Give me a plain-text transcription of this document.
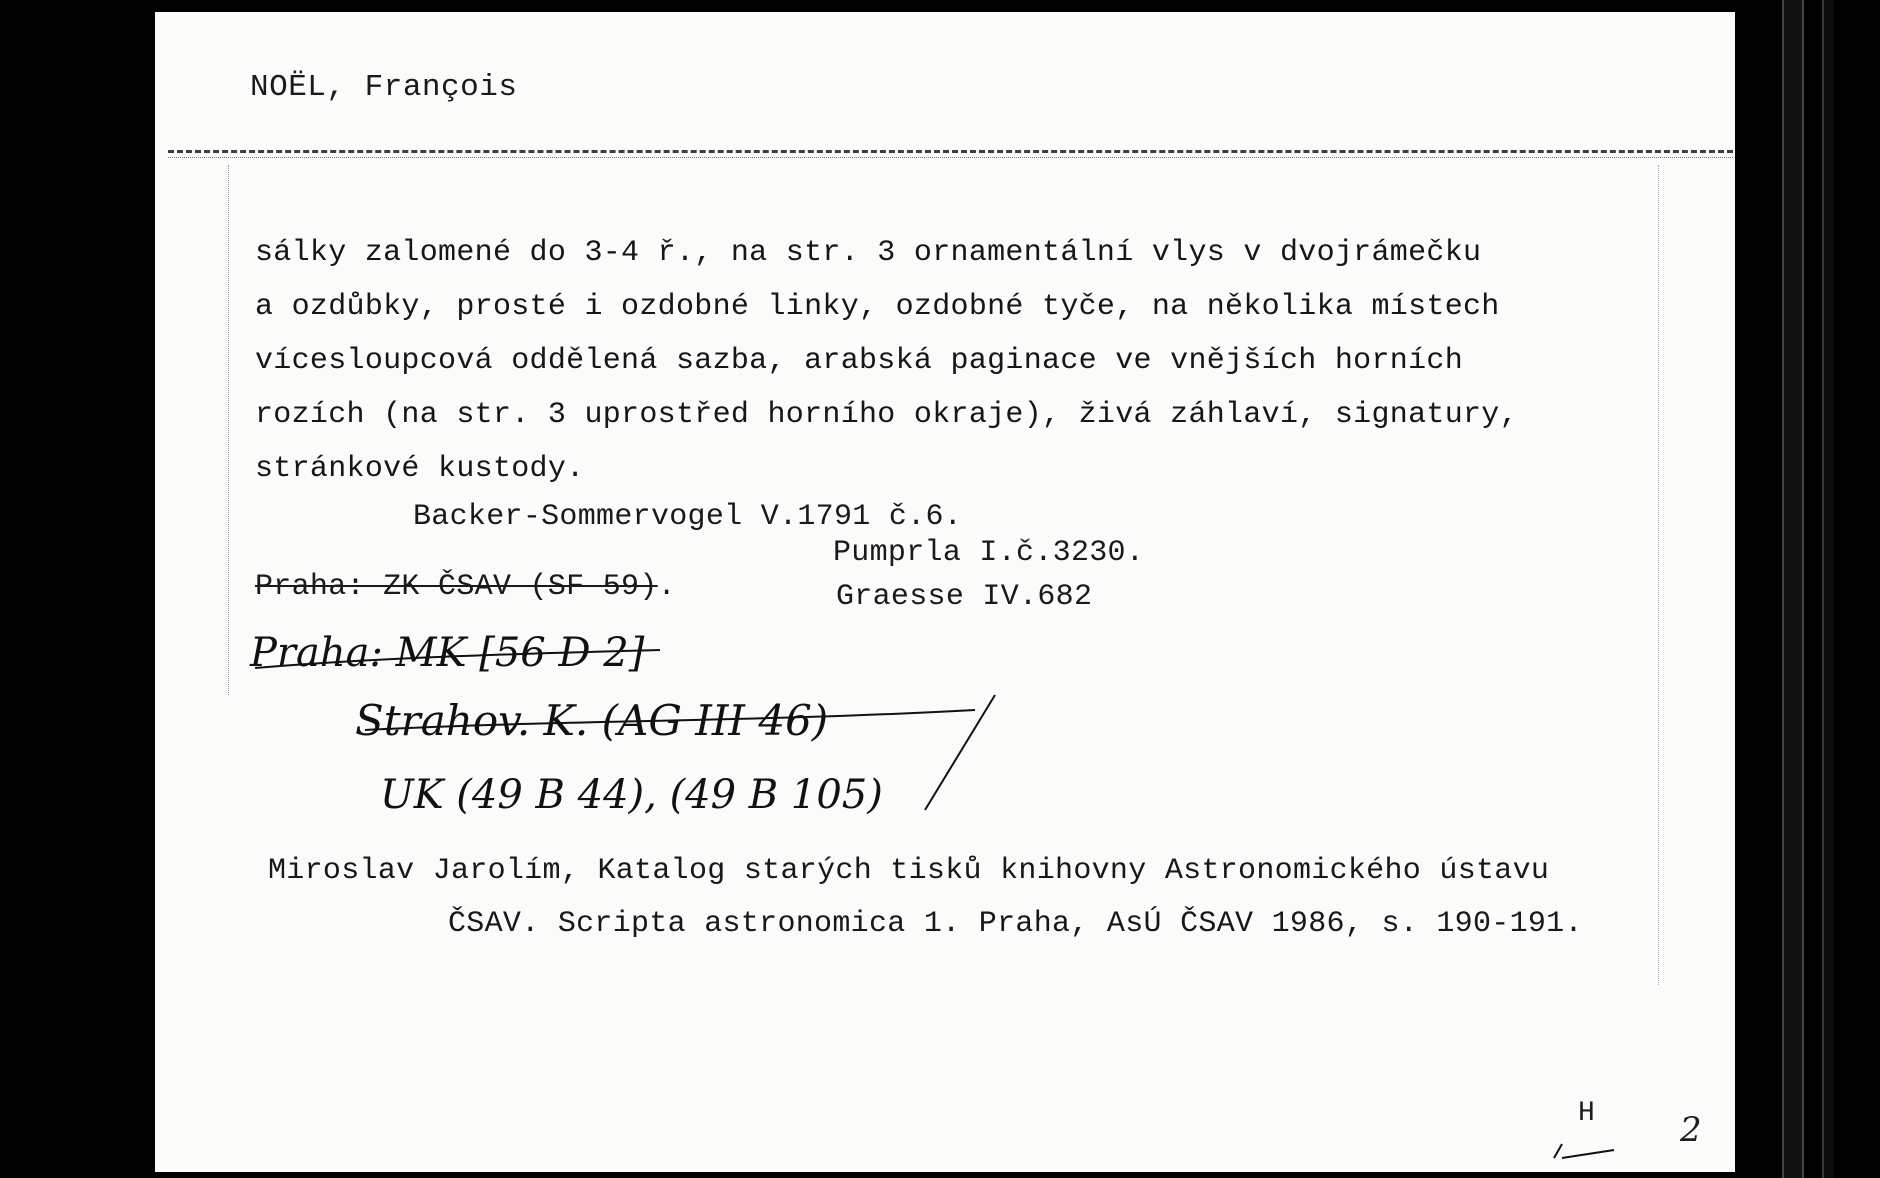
NOËL, François
sálky zalomené do 3-4 ř., na str. 3 ornamentální vlys v dvojrámečku
a ozdůbky, prosté i ozdobné linky, ozdobné tyče, na několika místech
vícesloupcová oddělená sazba, arabská paginace ve vnějších horních
rozích (na str. 3 uprostřed horního okraje), živá záhlaví, signatury,
stránkové kustody.
Backer-Sommervogel V.1791 č.6.
Pumprla I.č.3230.
Praha: ZK ČSAV (SF 59).	Graesse IV.682
Praha: MK [56 D 2]
Strahov. K. (AG III 46)
UK (49 B 44), (49 B 105)
Miroslav Jarolím, Katalog starých tisků knihovny Astronomického ústavu
ČSAV. Scripta astronomica 1. Praha, AsÚ ČSAV 1986, s. 190-191.
H	2
